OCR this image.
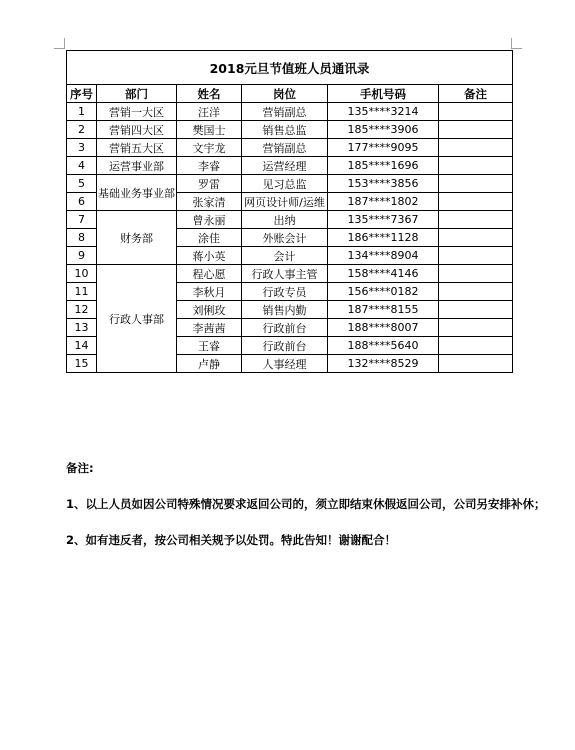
2018元旦节值班人员通讯录					
序号	部门	姓名	岗位	手机号码	备注
1	营销一大区	汪洋	营销副总	135****3214	
2	营销四大区	樊国士	销售总监	185****3906	
3	营销五大区	文宇龙	营销副总	177****9095	
4	运营事业部	李睿	运营经理	185****1696	
5	基础业务事业部	罗雷	见习总监	153****3856	
6		张家清	网页设计师/运维	187****1802	
7	财务部	曾永丽	出纳	135****7367	
8		涂佳	外账会计	186****1128	
9		蒋小英	会计	134****8904	
10	行政人事部	程心愿	行政人事主管	158****4146	
11		李秋月	行政专员	156****0182	
12		刘俐玫	销售内勤	187****8155	
13		李茜茜	行政前台	188****8007	
14		王睿	行政前台	188****5640	
15		卢静	人事经理	132****8529	

备注:

1、以上人员如因公司特殊情况要求返回公司的，须立即结束休假返回公司，公司另安排补休；

2、如有违反者，按公司相关规予以处罚。特此告知！谢谢配合！
